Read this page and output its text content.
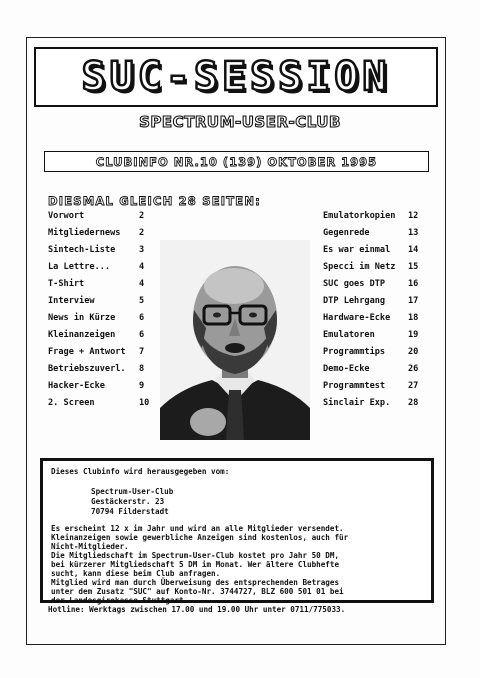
SUC-SESSION
SPECTRUM-USER-CLUB
CLUBINFO NR.10 (139) OKTOBER 1995
DIESMAL GLEICH 28 SEITEN:
Vorwort	2
Mitgliedernews 2
Sintech-Liste	3
La Lettre...	4
T-Shirt	4
Interview	5
News in Kürze	6
Kleinanzeigen	6
Frage + Antwort 7
Betriebszuverl. 8
Hacker-Ecke	9
2. Screen	10
Emulatorkopien 12
Gegenrede	13
Es war einmal 14
Specci im Netz 15
SUC goes DTP	16
DTP Lehrgang	17
Hardware-Ecke 18
Emulatoren	19
Programmtips	20
Demo-Ecke	26
Programmtest	27
Sinclair Exp. 28
Dieses Clubinfo wird herausgegeben vom:
Spectrum-User-Club
Gestäckerstr. 23
70794 Filderstadt
Es erscheint 12 x im Jahr und wird an alle Mitglieder versendet.
Kleinanzeigen sowie gewerbliche Anzeigen sind kostenlos, auch für
Nicht-Mitglieder.
Die Mitgliedschaft im Spectrum-User-Club kostet pro Jahr 50 DM,
bei kürzerer Mitgliedschaft 5 DM im Monat. Wer ältere Clubhefte
sucht, kann diese beim Club anfragen.
Mitglied wird man durch Überweisung des entsprechenden Betrages
unter dem Zusatz "SUC" auf Konto-Nr. 3744727, BLZ 600 501 01 bei
der Landesgirokasse Stuttgart.
Hotline: Werktags zwischen 17.00 und 19.00 Uhr unter 0711/775033.
